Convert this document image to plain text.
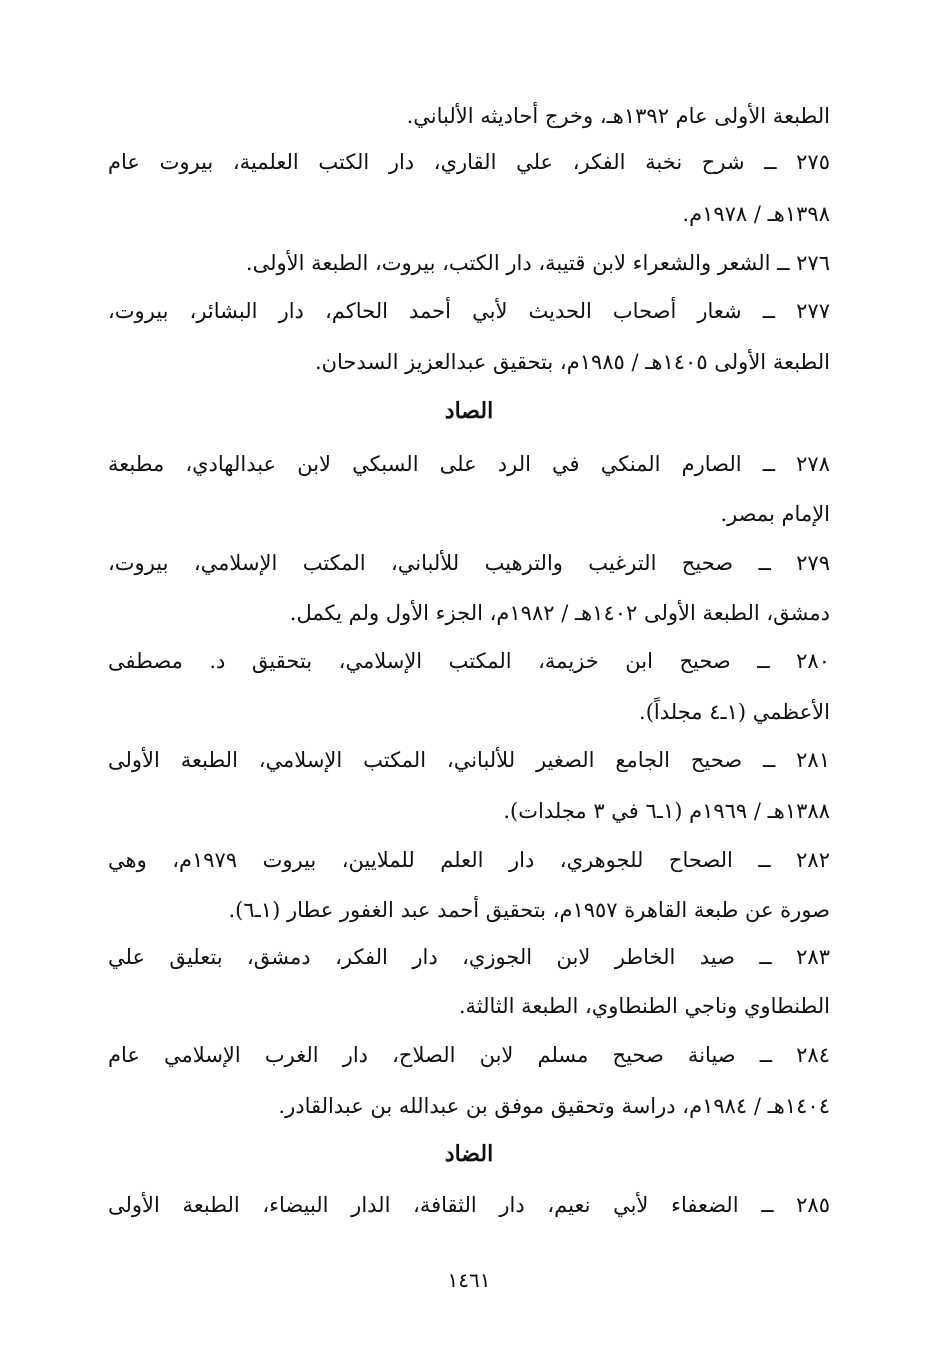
الطبعة الأولى عام ١٣٩٢هـ، وخرج أحاديثه الألباني.
٢٧٥ ــ شرح نخبة الفكر، علي القاري، دار الكتب العلمية، بيروت عام
١٣٩٨هـ / ١٩٧٨م.
٢٧٦ ــ الشعر والشعراء لابن قتيبة، دار الكتب، بيروت، الطبعة الأولى.
٢٧٧ ــ شعار أصحاب الحديث لأبي أحمد الحاكم، دار البشائر، بيروت،
الطبعة الأولى ١٤٠٥هـ / ١٩٨٥م، بتحقيق عبدالعزيز السدحان.
الصاد
٢٧٨ ــ الصارم المنكي في الرد على السبكي لابن عبدالهادي، مطبعة
الإمام بمصر.
٢٧٩ ــ صحيح الترغيب والترهيب للألباني، المكتب الإسلامي، بيروت،
دمشق، الطبعة الأولى ١٤٠٢هـ / ١٩٨٢م، الجزء الأول ولم يكمل.
٢٨٠ ــ صحيح ابن خزيمة، المكتب الإسلامي، بتحقيق د. مصطفى
الأعظمي (١ـ٤ مجلداً).
٢٨١ ــ صحيح الجامع الصغير للألباني، المكتب الإسلامي، الطبعة الأولى
١٣٨٨هـ / ١٩٦٩م (١ـ٦ في ٣ مجلدات).
٢٨٢ ــ الصحاح للجوهري، دار العلم للملايين، بيروت ١٩٧٩م، وهي
صورة عن طبعة القاهرة ١٩٥٧م، بتحقيق أحمد عبد الغفور عطار (١ـ٦).
٢٨٣ ــ صيد الخاطر لابن الجوزي، دار الفكر، دمشق، بتعليق علي
الطنطاوي وناجي الطنطاوي، الطبعة الثالثة.
٢٨٤ ــ صيانة صحيح مسلم لابن الصلاح، دار الغرب الإسلامي عام
١٤٠٤هـ / ١٩٨٤م، دراسة وتحقيق موفق بن عبدالله بن عبدالقادر.
الضاد
٢٨٥ ــ الضعفاء لأبي نعيم، دار الثقافة، الدار البيضاء، الطبعة الأولى
١٤٦١
